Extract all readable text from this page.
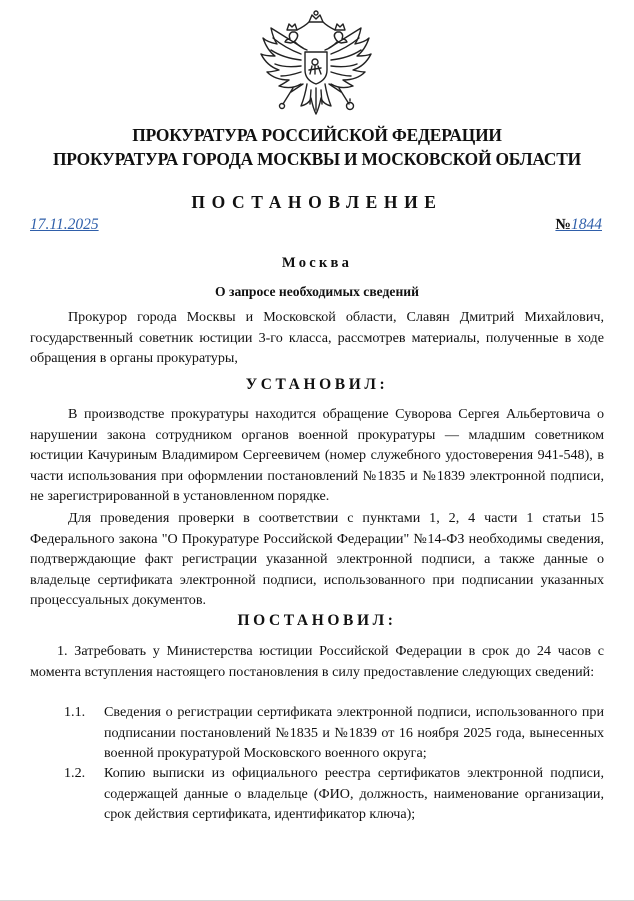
ПРОКУРАТУРА РОССИЙСКОЙ ФЕДЕРАЦИИ
ПРОКУРАТУРА ГОРОДА МОСКВЫ И МОСКОВСКОЙ ОБЛАСТИ
ПОСТАНОВЛЕНИЕ
17.11.2025	№1844
Москва
О запросе необходимых сведений

Прокурор города Москвы и Московской области, Славян Дмитрий Михайлович, государственный советник юстиции 3-го класса, рассмотрев материалы, полученные в ходе обращения в органы прокуратуры,

УСТАНОВИЛ:

В производстве прокуратуры находится обращение Суворова Сергея Альбертовича о нарушении закона сотрудником органов военной прокуратуры — младшим советником юстиции Качуриным Владимиром Сергеевичем (номер служебного удостоверения 941-548), в части использования при оформлении постановлений №1835 и №1839 электронной подписи, не зарегистрированной в установленном порядке.

Для проведения проверки в соответствии с пунктами 1, 2, 4 части 1 статьи 15 Федерального закона "О Прокуратуре Российской Федерации" №14-ФЗ необходимы сведения, подтверждающие факт регистрации указанной электронной подписи, а также данные о владельце сертификата электронной подписи, использованного при подписании указанных процессуальных документов.

ПОСТАНОВИЛ:

1. Затребовать у Министерства юстиции Российской Федерации в срок до 24 часов с момента вступления настоящего постановления в силу предоставление следующих сведений:

1.1. Сведения о регистрации сертификата электронной подписи, использованного при подписании постановлений №1835 и №1839 от 16 ноября 2025 года, вынесенных военной прокуратурой Московского военного округа;
1.2. Копию выписки из официального реестра сертификатов электронной подписи, содержащей данные о владельце (ФИО, должность, наименование организации, срок действия сертификата, идентификатор ключа);
